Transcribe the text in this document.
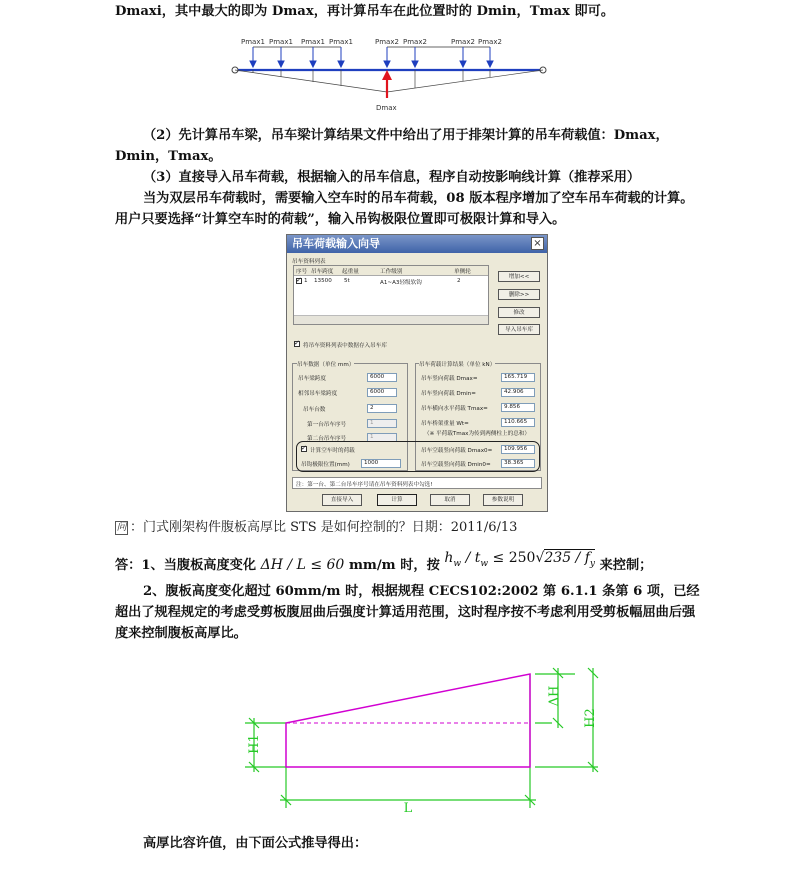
Dmaxi，其中最大的即为 Dmax，再计算吊车在此位置时的 Dmin，Tmax 即可。
Pmax1 Pmax1 Pmax1 Pmax1	Pmax2 Pmax2	Pmax2 Pmax2
Dmax
（2）先计算吊车梁，吊车梁计算结果文件中给出了用于排架计算的吊车荷载值：Dmax，Dmin，Tmax。
（3）直接导入吊车荷载，根据输入的吊车信息，程序自动按影响线计算（推荐采用）
当为双层吊车荷载时，需要输入空车时的吊车荷载，08 版本程序增加了空车吊车荷载的计算。用户只要选择“计算空车时的荷载”，输入吊钩极限位置即可极限计算和导入。
吊车荷载输入向导	×
吊车资料列表
序号 吊车跨度 起重量	工作级别	单侧轮
✓
1 13500 5t	A1~A3轻级软钩	2
增加<<
删除>>
修改
导入吊车库
✓
将吊车资料列表中数据存入吊车库
吊车数据（单位 mm）
吊车梁跨度	6000
相邻吊车梁跨度	6000
吊车台数	2
第一台吊车序号	1
第二台吊车序号	1
吊车荷载计算结果（单位 kN）
吊车竖向荷载 Dmax=	165.719
吊车竖向荷载 Dmin=	42.906
吊车横向水平荷载 Tmax=	9.856
吊车桥架重量 Wt=	110.665
（※ 平荷载Tmax为传到两侧柱上的总和）
✓
计算空车时的荷载
吊钩极限位置(mm)	1000
吊车空载竖向荷载 Dmax0=	109.956
吊车空载竖向荷载 Dmin0=	38.365
注：第一台、第二台吊车序号请在吊车资料列表中勾选!
直接导入	计算	取消	参数说明
问 ：门式刚架构件腹板高厚比 STS 是如何控制的？日期：2011/6/13
答：1、当腹板高度变化 ΔH / L ≤ 60 mm/m 时，按 $h_w / t_w \le 250√235 / f_y$ 来控制；
2、腹板高度变化超过 60mm/m 时，根据规程 CECS102:2002 第 6.1.1 条第 6 项，已经超出了规程规定的考虑受剪板腹屈曲后强度计算适用范围，这时程序按不考虑利用受剪板幅屈曲后强度来控制腹板高厚比。
H1
H2
ΔH
L
高厚比容许值，由下面公式推导得出：
